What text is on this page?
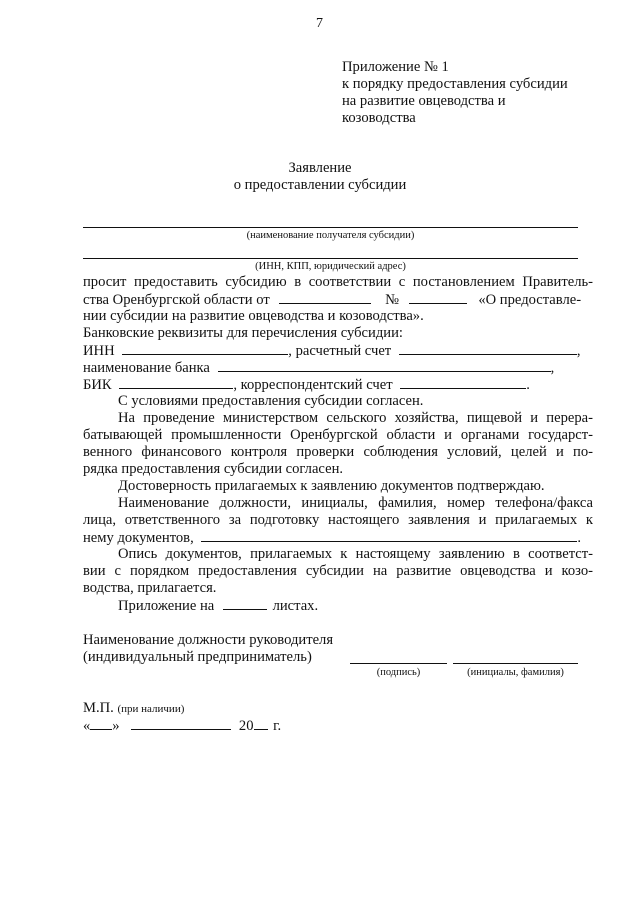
7
Приложение № 1
к порядку предоставления субсидии
на развитие овцеводства и
козоводства
Заявление
о предоставлении субсидии
(наименование получателя субсидии)
(ИНН, КПП, юридический адрес)
просит предоставить субсидию в соответствии с постановлением Правитель-
ства Оренбургской области от	№	«О предоставле-
нии субсидии на развитие овцеводства и козоводства».
Банковские реквизиты для перечисления субсидии:
ИНН	, расчетный счет	,
наименование банка	,
БИК	, корреспондентский счет	.
С условиями предоставления субсидии согласен.
На проведение министерством сельского хозяйства, пищевой и перера-
батывающей промышленности Оренбургской области и органами государст-
венного финансового контроля проверки соблюдения условий, целей и по-
рядка предоставления субсидии согласен.
Достоверность прилагаемых к заявлению документов подтверждаю.
Наименование должности, инициалы, фамилия, номер телефона/факса
лица, ответственного за подготовку настоящего заявления и прилагаемых к
нему документов,	.
Опись документов, прилагаемых к настоящему заявлению в соответст-
вии с порядком предоставления субсидии на развитие овцеводства и козо-
водства, прилагается.
Приложение на	листах.
Наименование должности руководителя
(индивидуальный предприниматель)
(подпись)	(инициалы, фамилия)
М.П. (при наличии)
« »	20 г.
